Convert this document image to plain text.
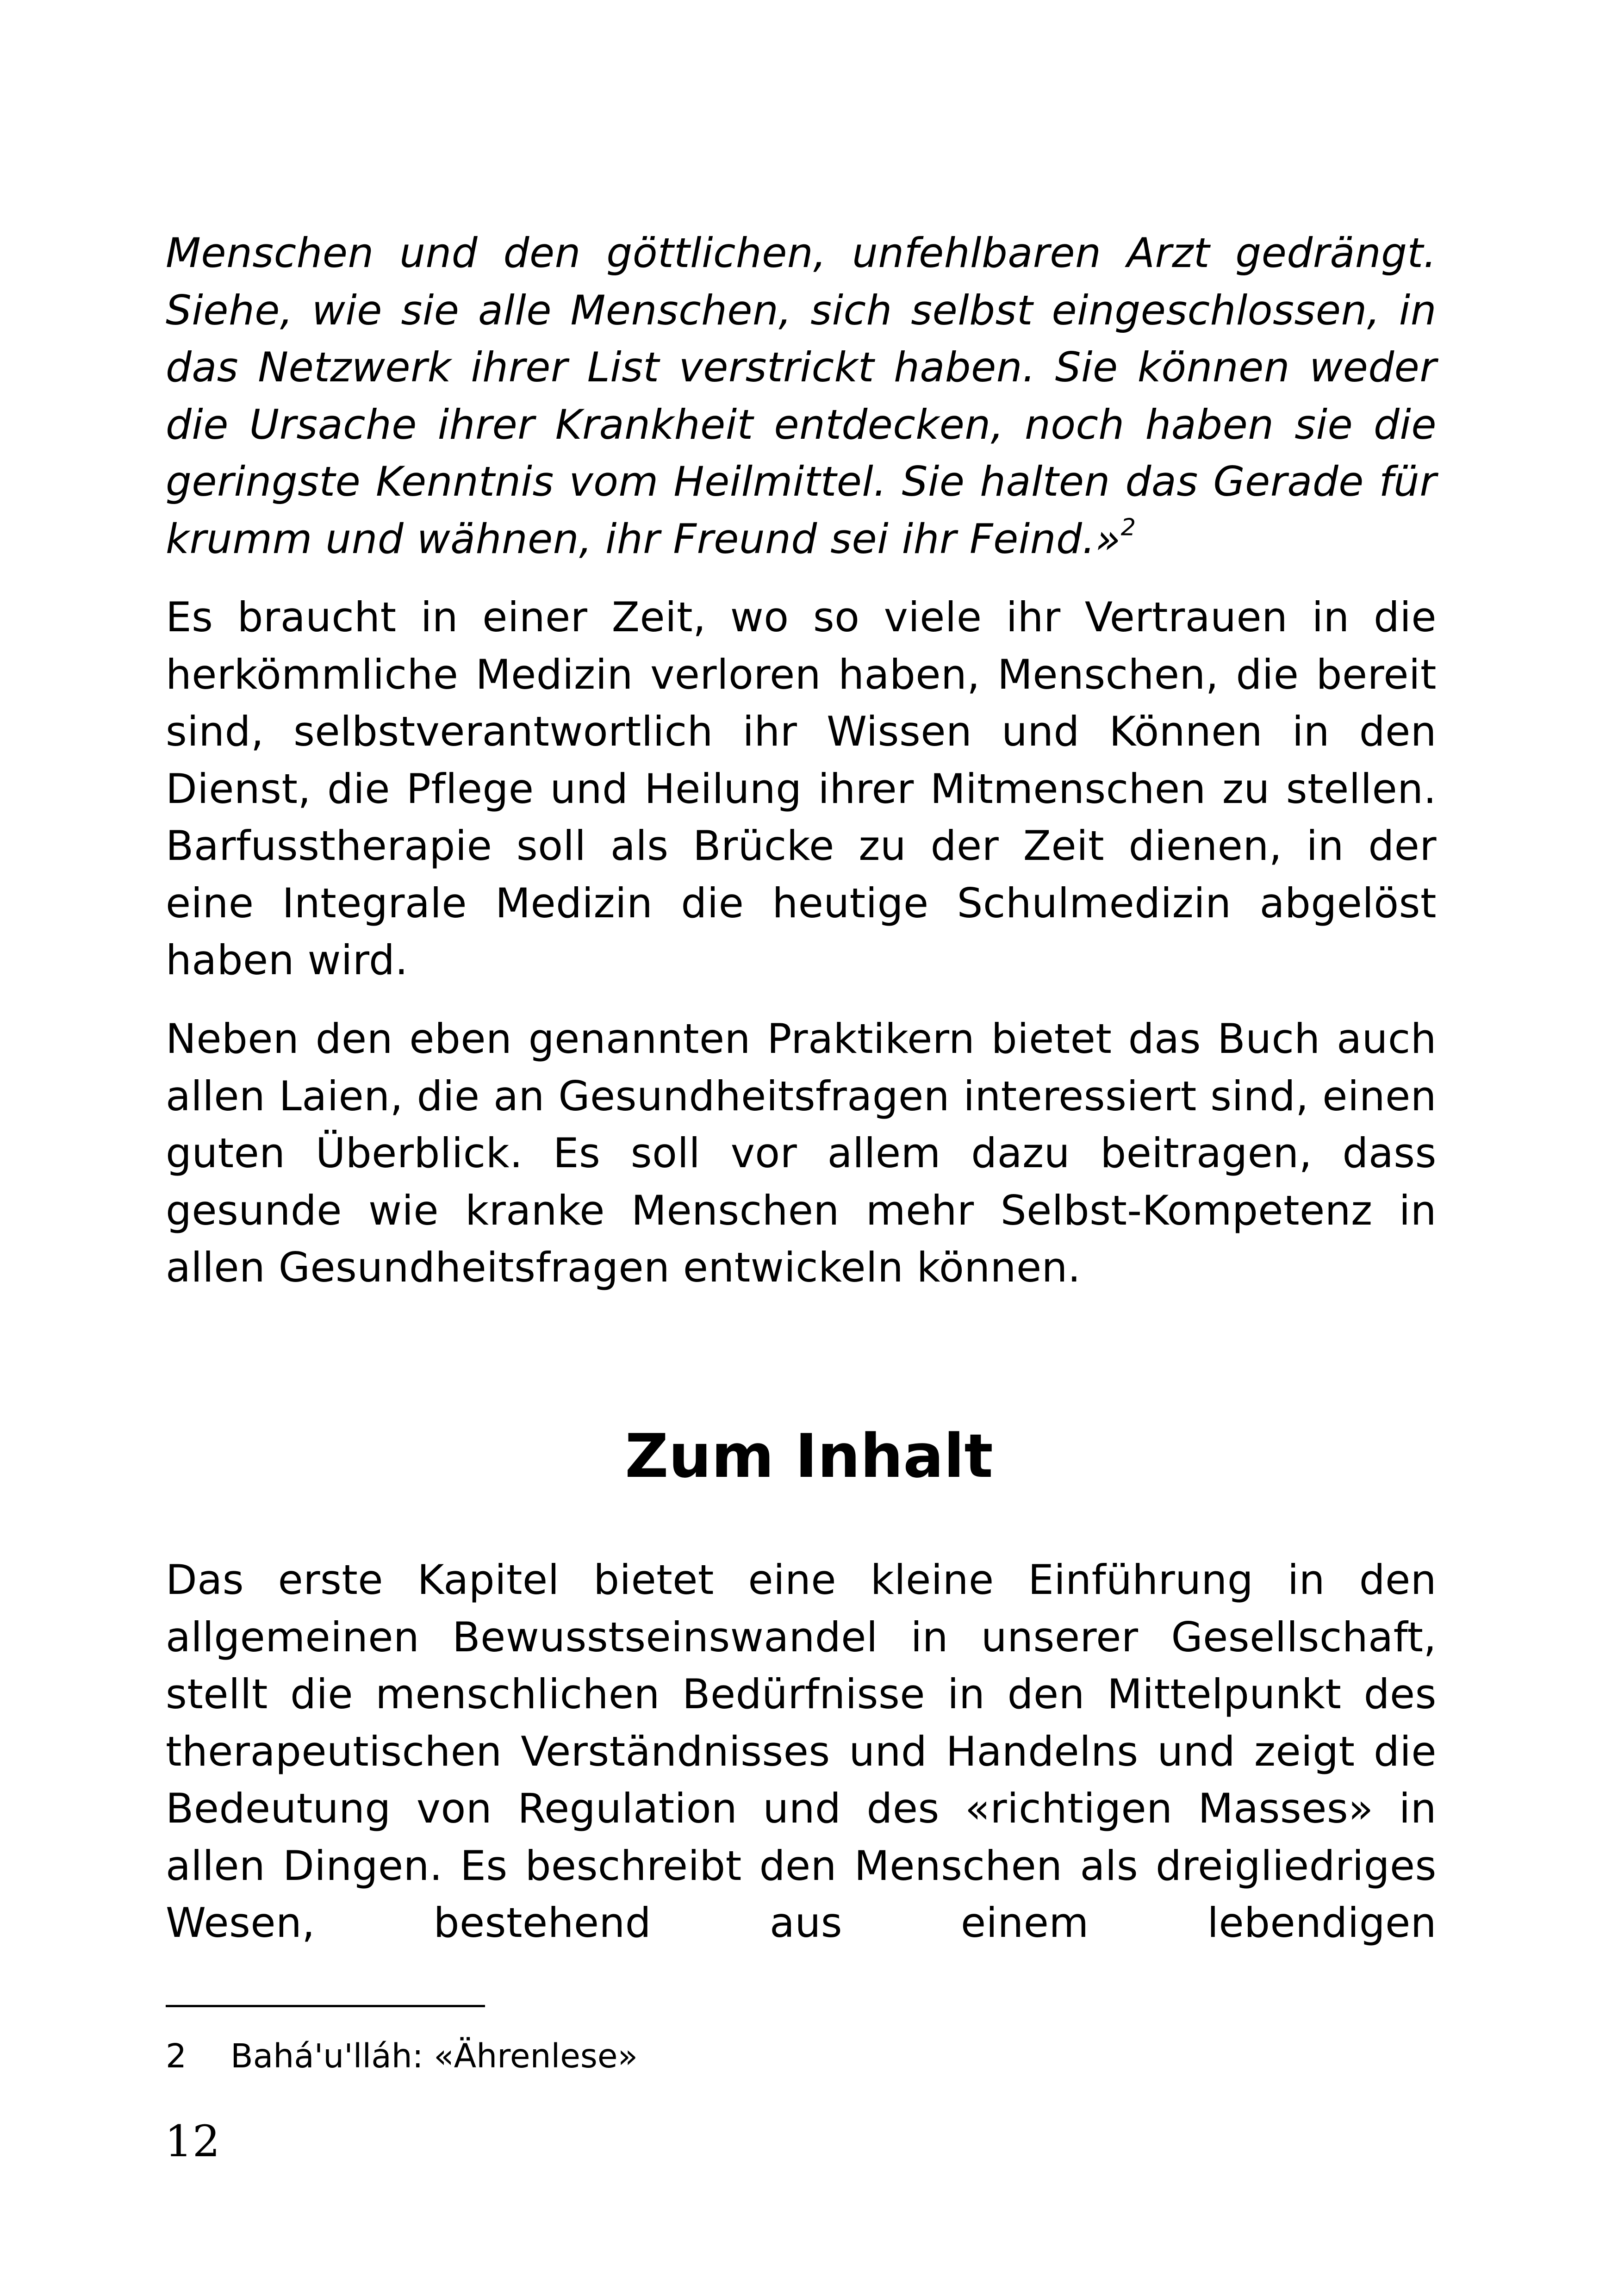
Menschen und den göttlichen, unfehlbaren Arzt gedrängt. Siehe, wie sie alle Menschen, sich selbst eingeschlossen, in das Netzwerk ihrer List verstrickt haben. Sie können weder die Ursache ihrer Krankheit entdecken, noch haben sie die geringste Kenntnis vom Heilmittel. Sie halten das Gerade für krumm und wähnen, ihr Freund sei ihr Feind.»$^2$

Es braucht in einer Zeit, wo so viele ihr Vertrauen in die herkömmliche Medizin verloren haben, Menschen, die bereit sind, selbstverantwortlich ihr Wissen und Können in den Dienst, die Pflege und Heilung ihrer Mitmenschen zu stellen. Barfusstherapie soll als Brücke zu der Zeit dienen, in der eine Integrale Medizin die heutige Schulmedizin abgelöst haben wird.

Neben den eben genannten Praktikern bietet das Buch auch allen Laien, die an Gesundheitsfragen interessiert sind, einen guten Überblick. Es soll vor allem dazu beitragen, dass gesunde wie kranke Menschen mehr Selbst-Kompetenz in allen Gesundheitsfragen entwickeln können.

Zum Inhalt

Das erste Kapitel bietet eine kleine Einführung in den allgemeinen Bewusstseinswandel in unserer Gesellschaft, stellt die menschlichen Bedürfnisse in den Mittelpunkt des therapeutischen Verständnisses und Handelns und zeigt die Bedeutung von Regulation und des «richtigen Masses» in allen Dingen. Es beschreibt den Menschen als dreigliedriges Wesen, bestehend aus einem lebendigen

2 Bahá'u'lláh: «Ährenlese»
12
